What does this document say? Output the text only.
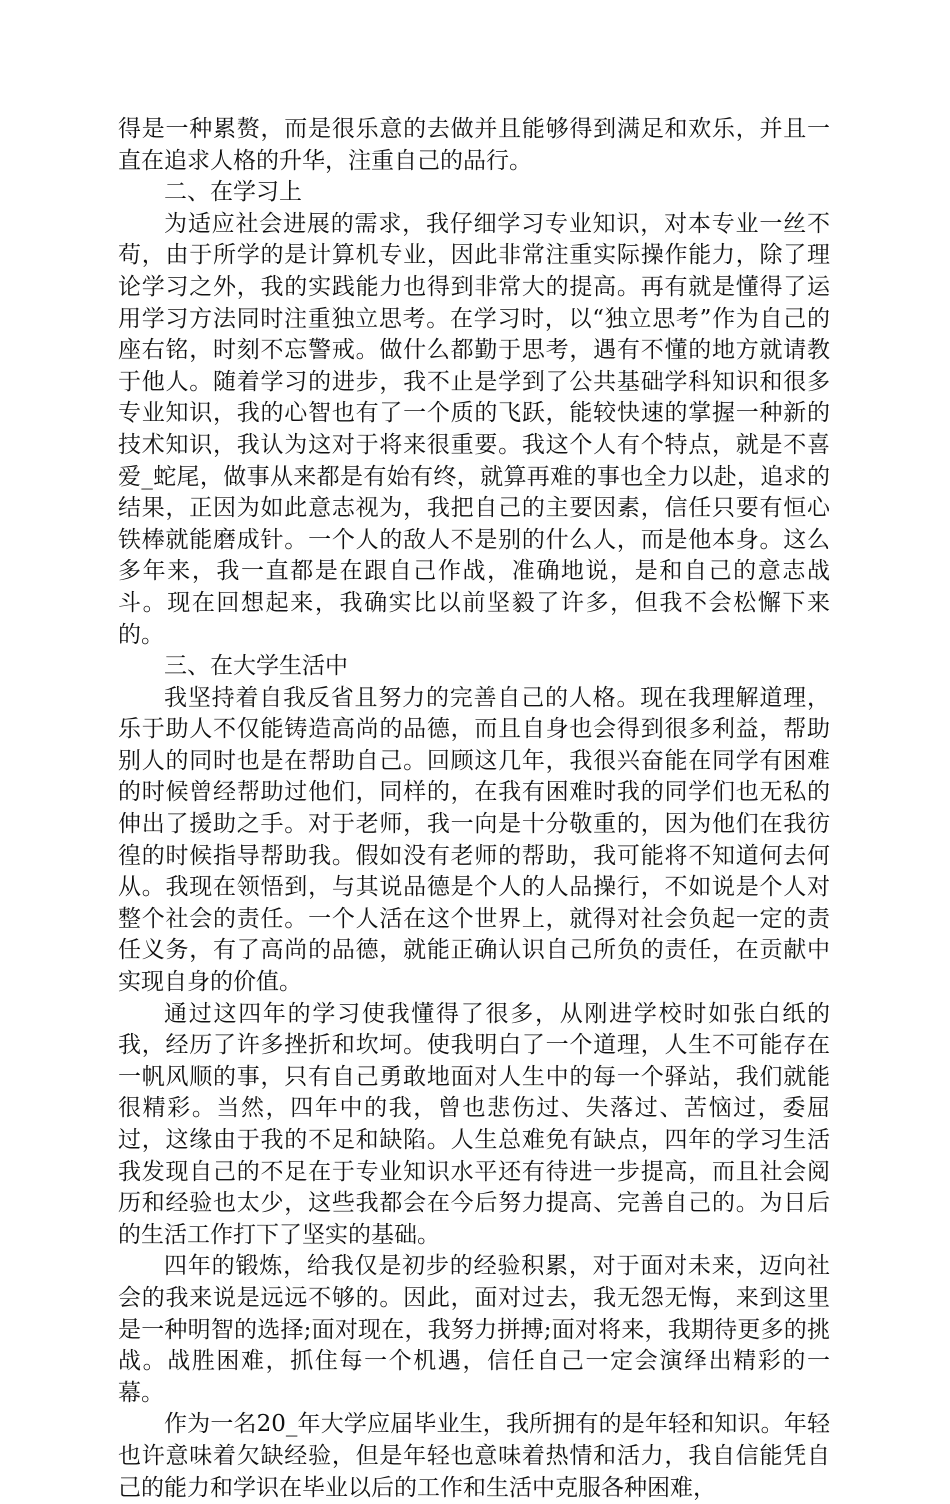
得是一种累赘，而是很乐意的去做并且能够得到满足和欢乐，并且一直在追求人格的升华，注重自己的品行。

二、在学习上

为适应社会进展的需求，我仔细学习专业知识，对本专业一丝不苟，由于所学的是计算机专业，因此非常注重实际操作能力，除了理论学习之外，我的实践能力也得到非常大的提高。再有就是懂得了运用学习方法同时注重独立思考。在学习时，以“独立思考”作为自己的座右铭，时刻不忘警戒。做什么都勤于思考，遇有不懂的地方就请教于他人。随着学习的进步，我不止是学到了公共基础学科知识和很多专业知识，我的心智也有了一个质的飞跃，能较快速的掌握一种新的技术知识，我认为这对于将来很重要。我这个人有个特点，就是不喜爱_蛇尾，做事从来都是有始有终，就算再难的事也全力以赴，追求的结果，正因为如此意志视为，我把自己的主要因素，信任只要有恒心铁棒就能磨成针。一个人的敌人不是别的什么人，而是他本身。这么多年来，我一直都是在跟自己作战，准确地说，是和自己的意志战斗。现在回想起来，我确实比以前坚毅了许多，但我不会松懈下来的。

三、在大学生活中

我坚持着自我反省且努力的完善自己的人格。现在我理解道理，乐于助人不仅能铸造高尚的品德，而且自身也会得到很多利益，帮助别人的同时也是在帮助自己。回顾这几年，我很兴奋能在同学有困难的时候曾经帮助过他们，同样的，在我有困难时我的同学们也无私的伸出了援助之手。对于老师，我一向是十分敬重的，因为他们在我彷徨的时候指导帮助我。假如没有老师的帮助，我可能将不知道何去何从。我现在领悟到，与其说品德是个人的人品操行，不如说是个人对整个社会的责任。一个人活在这个世界上，就得对社会负起一定的责任义务，有了高尚的品德，就能正确认识自己所负的责任，在贡献中实现自身的价值。

通过这四年的学习使我懂得了很多，从刚进学校时如张白纸的我，经历了许多挫折和坎坷。使我明白了一个道理，人生不可能存在一帆风顺的事，只有自己勇敢地面对人生中的每一个驿站，我们就能很精彩。当然，四年中的我，曾也悲伤过、失落过、苦恼过，委屈过，这缘由于我的不足和缺陷。人生总难免有缺点，四年的学习生活我发现自己的不足在于专业知识水平还有待进一步提高，而且社会阅历和经验也太少，这些我都会在今后努力提高、完善自己的。为日后的生活工作打下了坚实的基础。

四年的锻炼，给我仅是初步的经验积累，对于面对未来，迈向社会的我来说是远远不够的。因此，面对过去，我无怨无悔，来到这里是一种明智的选择;面对现在，我努力拼搏;面对将来，我期待更多的挑战。战胜困难，抓住每一个机遇，信任自己一定会演绎出精彩的一幕。

作为一名20_年大学应届毕业生，我所拥有的是年轻和知识。年轻也许意味着欠缺经验，但是年轻也意味着热情和活力，我自信能凭自己的能力和学识在毕业以后的工作和生活中克服各种困难，
